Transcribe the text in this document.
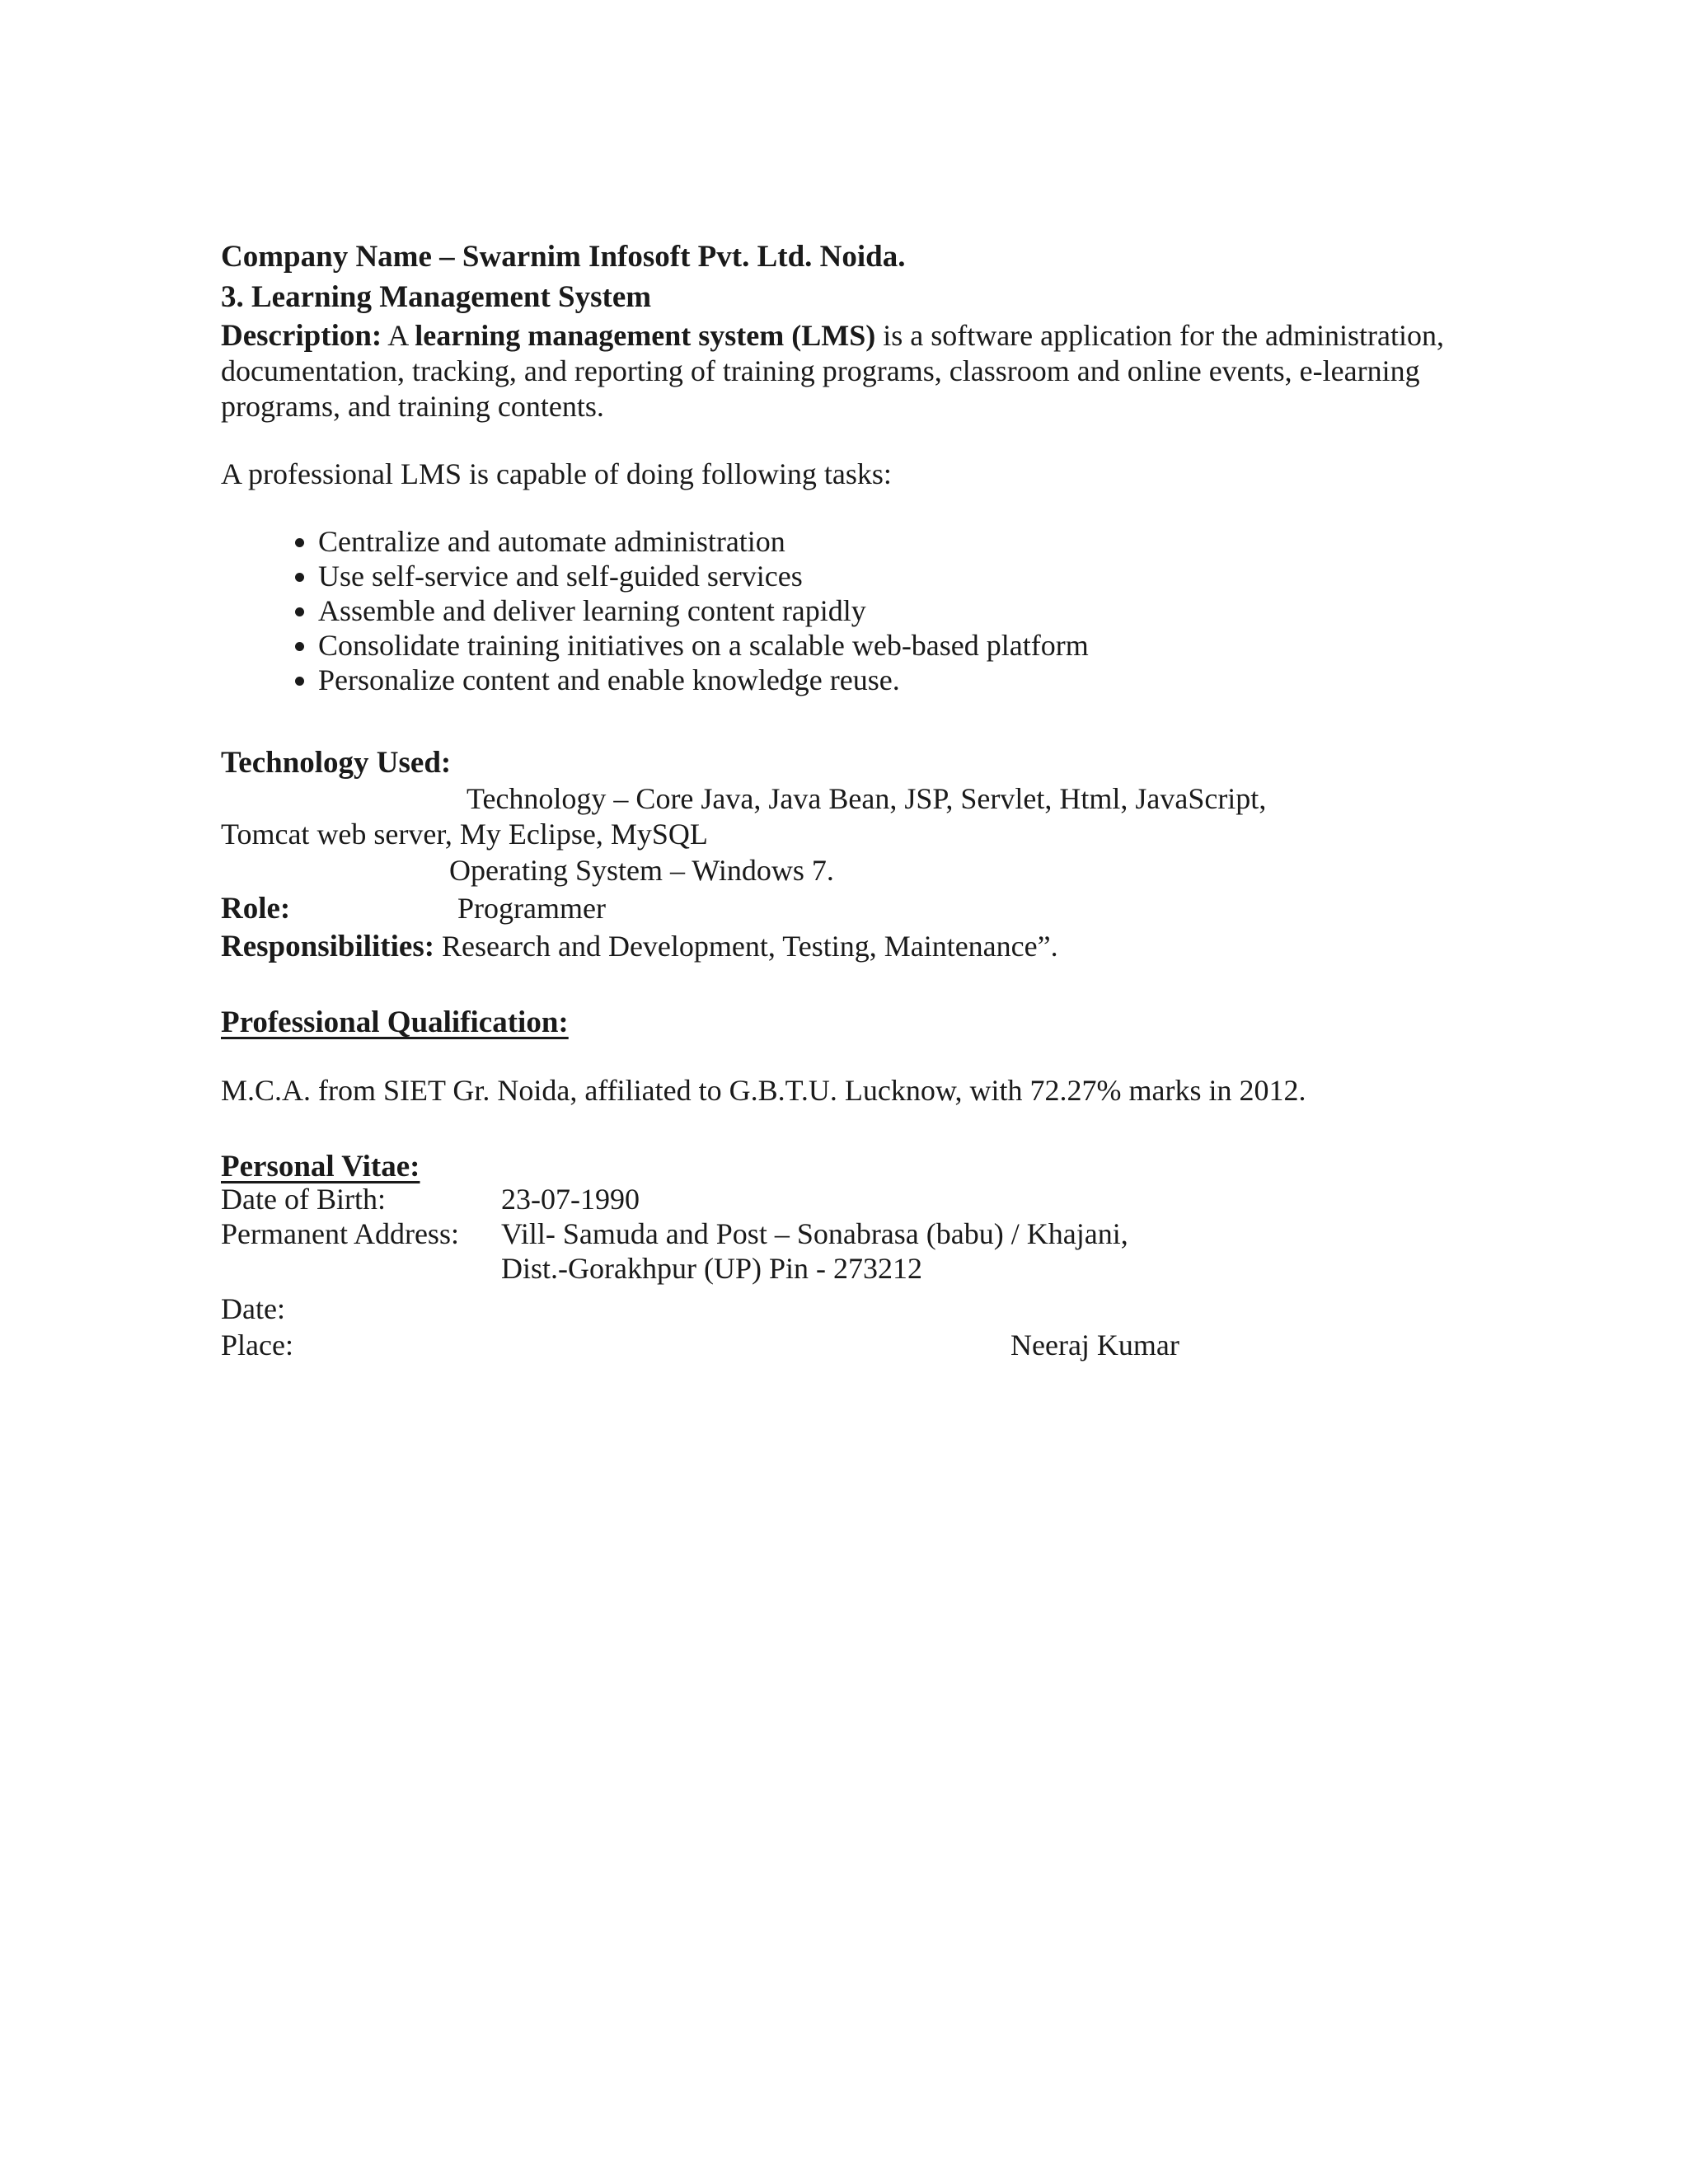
Company Name – Swarnim Infosoft Pvt. Ltd. Noida.
3. Learning Management System
Description: A learning management system (LMS) is a software application for the administration,
documentation, tracking, and reporting of training programs, classroom and online events, e-learning
programs, and training contents.
A professional LMS is capable of doing following tasks:
• Centralize and automate administration
• Use self-service and self-guided services
• Assemble and deliver learning content rapidly
• Consolidate training initiatives on a scalable web-based platform
• Personalize content and enable knowledge reuse.
Technology Used:
Technology – Core Java, Java Bean, JSP, Servlet, Html, JavaScript,
Tomcat web server, My Eclipse, MySQL
Operating System – Windows 7.
Role:	Programmer
Responsibilities: Research and Development, Testing, Maintenance”.
Professional Qualification:
M.C.A. from SIET Gr. Noida, affiliated to G.B.T.U. Lucknow, with 72.27% marks in 2012.
Personal Vitae:
Date of Birth:	23-07-1990
Permanent Address: Vill- Samuda and Post – Sonabrasa (babu) / Khajani,
Dist.-Gorakhpur (UP) Pin - 273212
Date:
Place:	Neeraj Kumar
